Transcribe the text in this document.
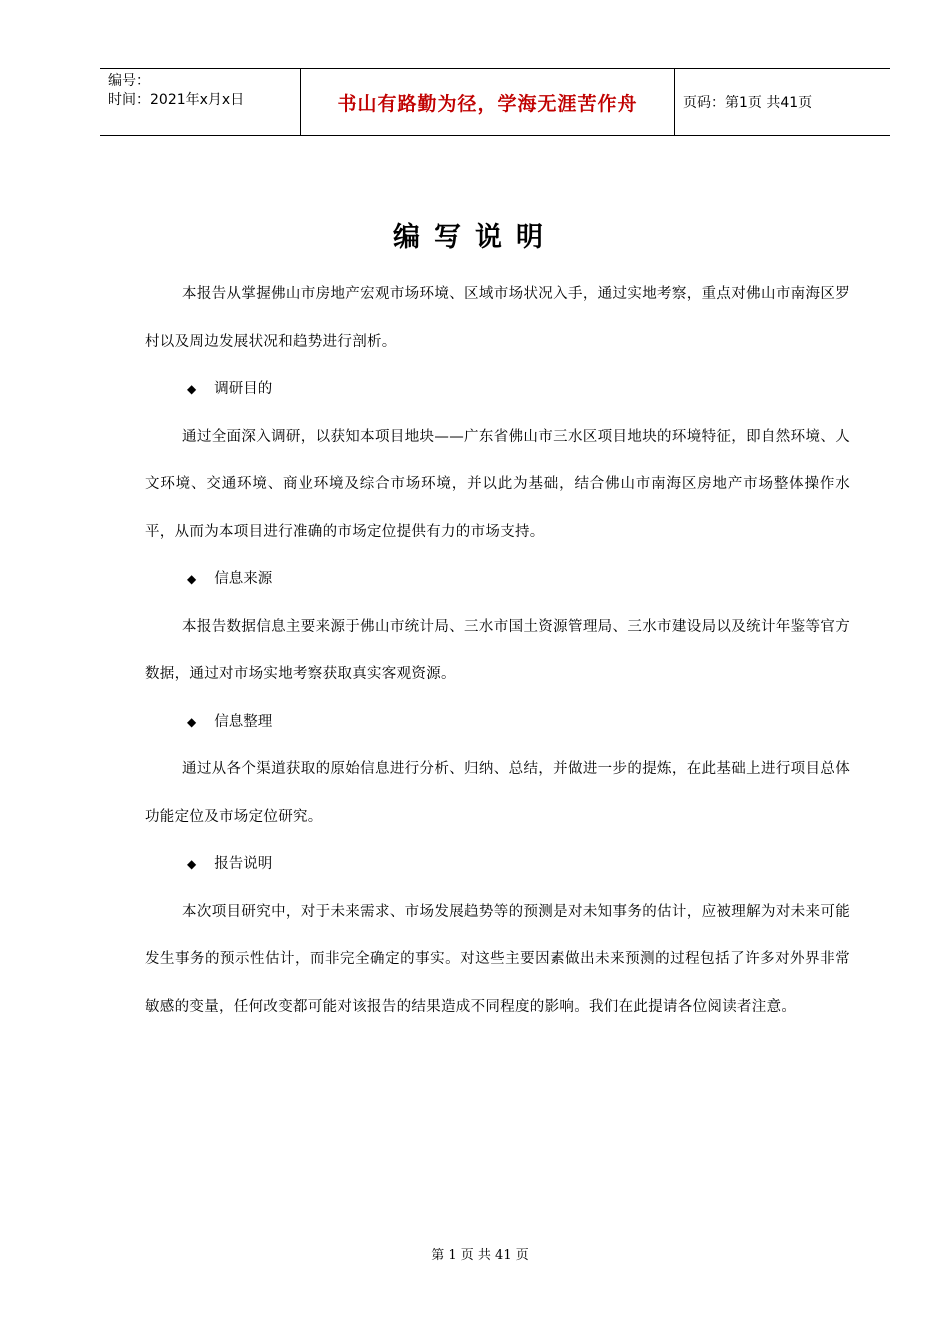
编号：
时间：2021年x月x日	书山有路勤为径，学海无涯苦作舟	页码：第1页 共41页
编写说明

本报告从掌握佛山市房地产宏观市场环境、区域市场状况入手，通过实地考察，重点对佛山市南海区罗村以及周边发展状况和趋势进行剖析。

◆ 调研目的

通过全面深入调研，以获知本项目地块——广东省佛山市三水区项目地块的环境特征，即自然环境、人文环境、交通环境、商业环境及综合市场环境，并以此为基础，结合佛山市南海区房地产市场整体操作水平，从而为本项目进行准确的市场定位提供有力的市场支持。

◆ 信息来源

本报告数据信息主要来源于佛山市统计局、三水市国土资源管理局、三水市建设局以及统计年鉴等官方数据，通过对市场实地考察获取真实客观资源。

◆ 信息整理

通过从各个渠道获取的原始信息进行分析、归纳、总结，并做进一步的提炼，在此基础上进行项目总体功能定位及市场定位研究。

◆ 报告说明

本次项目研究中，对于未来需求、市场发展趋势等的预测是对未知事务的估计，应被理解为对未来可能发生事务的预示性估计，而非完全确定的事实。对这些主要因素做出未来预测的过程包括了许多对外界非常敏感的变量，任何改变都可能对该报告的结果造成不同程度的影响。我们在此提请各位阅读者注意。

第 1 页 共 41 页
